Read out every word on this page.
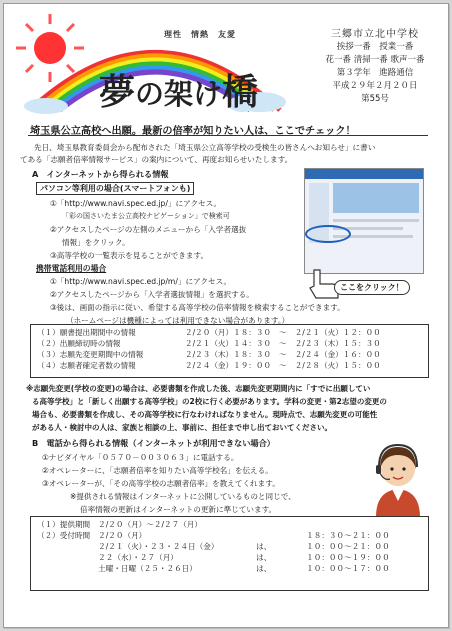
理性　情熱　友愛
夢の架け橋
三郷市立北中学校
挨拶一番　授業一番
花一番 清掃一番 歌声一番
第３学年　進路通信
平成２９年２月２０日
第55号
埼玉県公立高校へ出願。最新の倍率が知りたい人は、ここでチェック！
先日、埼玉県教育委員会から配布された「埼玉県公立高等学校の受検生の皆さんへお知らせ」に書い
てある「志願者倍率情報サービス」の案内について、再度お知らせいたします。
A　 インターネットから得られる情報
パソコン等利用の場合(スマートフォンも)
①「http://www.navi.spec.ed.jp/」にアクセス。
「彩の国さいたま公立高校ナビゲーション」で検索可
②アクセスしたページの左側のメニューから「入学者選抜
情報」をクリック。
③高等学校の一覧表示を見ることができます。
携帯電話利用の場合
①「http://www.navi.spec.ed.jp/m/」にアクセス。
②アクセスしたページから「入学者選抜情報」を選択する。
③後は、画面の指示に従い、希望する高等学校の倍率情報を検索することができます。
（ホームページは機種によっては利用できない場合があります。）
ここをクリック！
（１）願書提出期間中の情報	２/２０（月）１８：３０	～	２/２１（火）１２：００
（２）出願締切時の情報	２/２１（火）１４：３０	～	２/２３（木）１５：３０
（３）志願先変更期間中の情報	２/２３（木）１８：３０	～	２/２４（金）１６：００
（４）志願者確定者数の情報	２/２４（金）１９：００	～	２/２８（火）１５：００
※志願先変更(学校の変更)の場合は、必要書類を作成した後、志願先変更期間内に「すでに出願してい
る高等学校」と「新しく出願する高等学校」の2校に行く必要があります。学科の変更・第2志望の変更の
場合も、必要書類を作成し、その高等学校に行なわければなりません。現時点で、志願先変更の可能性
がある人・検討中の人は、家族と相談の上、事前に、担任まで申し出ておいてください。
B　 電話から得られる情報（インターネットが利用できない場合）
①ナビダイヤル「０５７０－００３０６３」に電話する。
②オペレーターに、「志願者倍率を知りたい高等学校名」を伝える。
③オペレーターが、「その高等学校の志願者倍率」を教えてくれます。
※提供される情報はインターネットに公開しているものと同じで、
倍率情報の更新はインターネットの更新に準じています。
（１）提供期間	２/２０（月）～２/２７（月）		
（２）受付時間	２/２０（月）		１８：３０～２１：００
	２/２１（火）・２３・２４日（金）	は、	１０：００～２１：００
	２２（水）・２７（月）	は、	１０：００～１９：００
	土曜・日曜（２５・２６日）	は、	１０：００～１７：００
